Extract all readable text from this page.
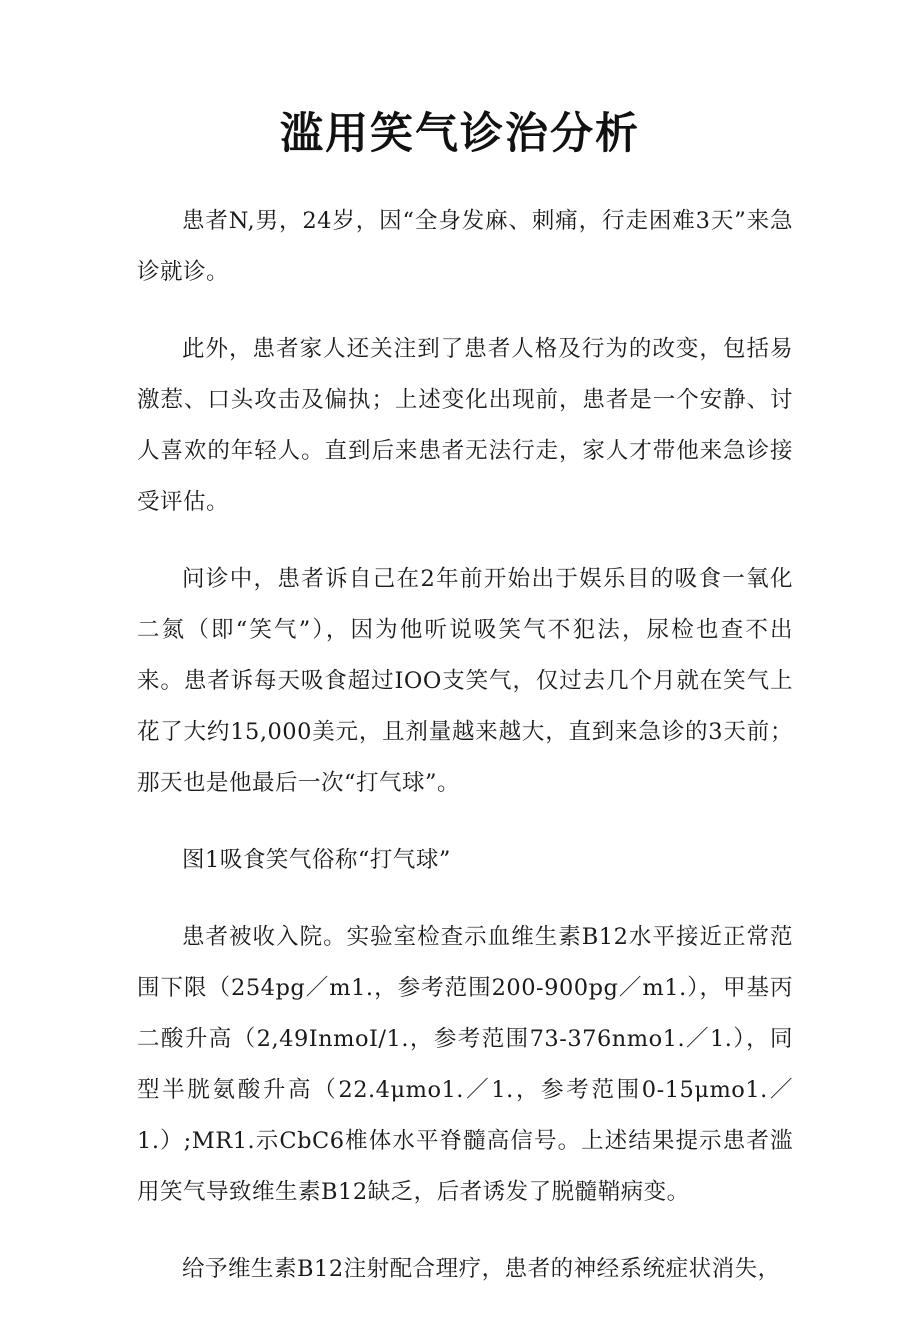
滥用笑气诊治分析

患者N,男，24岁，因“全身发麻、刺痛，行走困难3天”来急诊就诊。

此外，患者家人还关注到了患者人格及行为的改变，包括易激惹、口头攻击及偏执；上述变化出现前，患者是一个安静、讨人喜欢的年轻人。直到后来患者无法行走，家人才带他来急诊接受评估。

问诊中，患者诉自己在2年前开始出于娱乐目的吸食一氧化二氮（即“笑气”），因为他听说吸笑气不犯法，尿检也查不出来。患者诉每天吸食超过IOO支笑气，仅过去几个月就在笑气上花了大约15,000美元，且剂量越来越大，直到来急诊的3天前；那天也是他最后一次“打气球”。

图1吸食笑气俗称“打气球”

患者被收入院。实验室检查示血维生素B12水平接近正常范围下限（254pg／m1.，参考范围200-900pg／m1.），甲基丙二酸升高（2,49InmoI/1.，参考范围73-376nmo1.／1.），同型半胱氨酸升高（22.4μmo1.／1.，参考范围0-15μmo1.／1.）;MR1.示CbC6椎体水平脊髓高信号。上述结果提示患者滥用笑气导致维生素B12缺乏，后者诱发了脱髓鞘病变。

给予维生素B12注射配合理疗，患者的神经系统症状消失，
